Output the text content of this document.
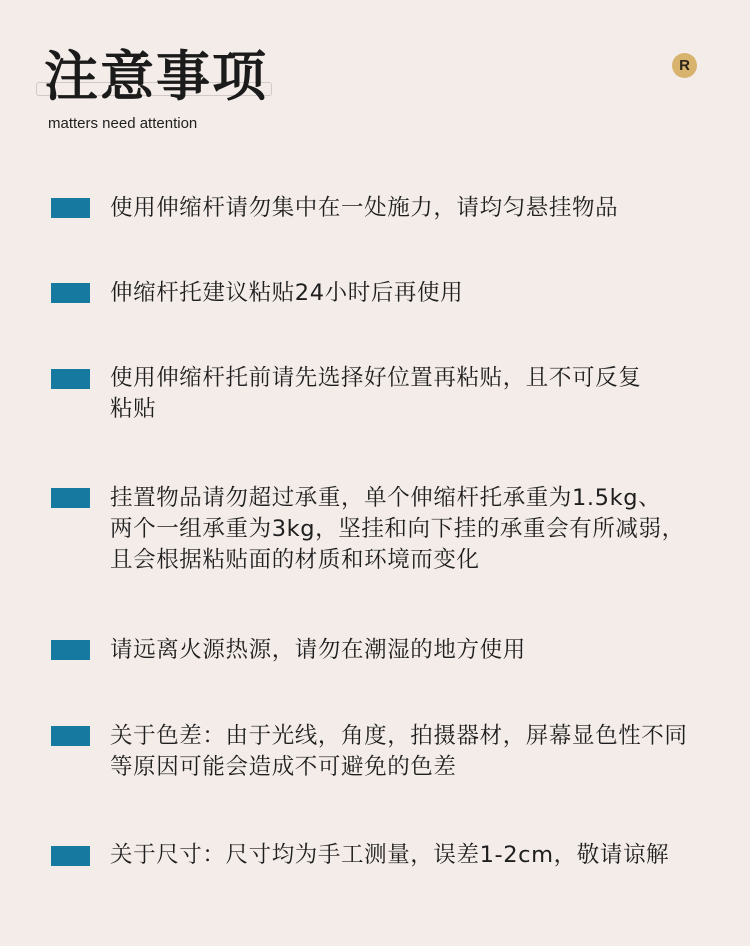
注意事项
matters need attention
R
使用伸缩杆请勿集中在一处施力，请均匀悬挂物品
伸缩杆托建议粘贴24小时后再使用
使用伸缩杆托前请先选择好位置再粘贴，且不可反复
粘贴
挂置物品请勿超过承重，单个伸缩杆托承重为1.5kg、
两个一组承重为3kg，坚挂和向下挂的承重会有所减弱，
且会根据粘贴面的材质和环境而变化
请远离火源热源，请勿在潮湿的地方使用
关于色差：由于光线，角度，拍摄器材，屏幕显色性不同
等原因可能会造成不可避免的色差
关于尺寸：尺寸均为手工测量，误差1-2cm，敬请谅解
